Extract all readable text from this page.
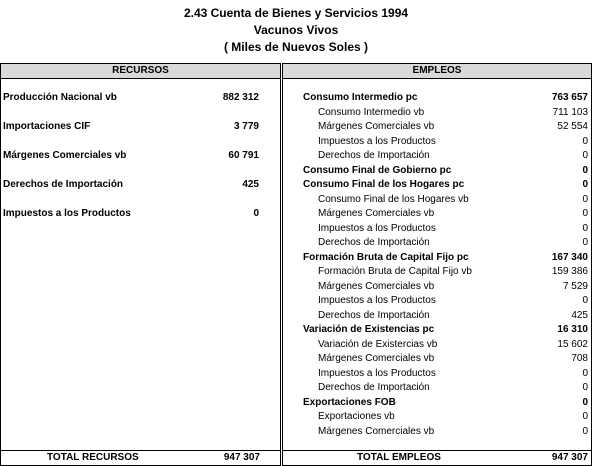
2.43 Cuenta de Bienes y Servicios 1994
Vacunos Vivos
( Miles de Nuevos Soles )
RECURSOS
Producción Nacional vb	882 312
Importaciones CIF	3 779
Márgenes Comerciales vb	60 791
Derechos de Importación	425
Impuestos a los Productos	0
TOTAL RECURSOS	947 307
EMPLEOS
Consumo Intermedio pc	763 657
Consumo Intermedio vb	711 103
Márgenes Comerciales vb	52 554
Impuestos a los Productos	0
Derechos de Importación	0
Consumo Final de Gobierno pc	0
Consumo Final de los Hogares pc	0
Consumo Final de los Hogares vb	0
Márgenes Comerciales vb	0
Impuestos a los Productos	0
Derechos de Importación	0
Formación Bruta de Capital Fijo pc	167 340
Formación Bruta de Capital Fijo vb	159 386
Márgenes Comerciales vb	7 529
Impuestos a los Productos	0
Derechos de Importación	425
Variación de Existencias pc	16 310
Variación de Existercias vb	15 602
Márgenes Comerciales vb	708
Impuestos a los Productos	0
Derechos de Importación	0
Exportaciones FOB	0
Exportaciones vb	0
Márgenes Comerciales vb	0
TOTAL EMPLEOS	947 307
